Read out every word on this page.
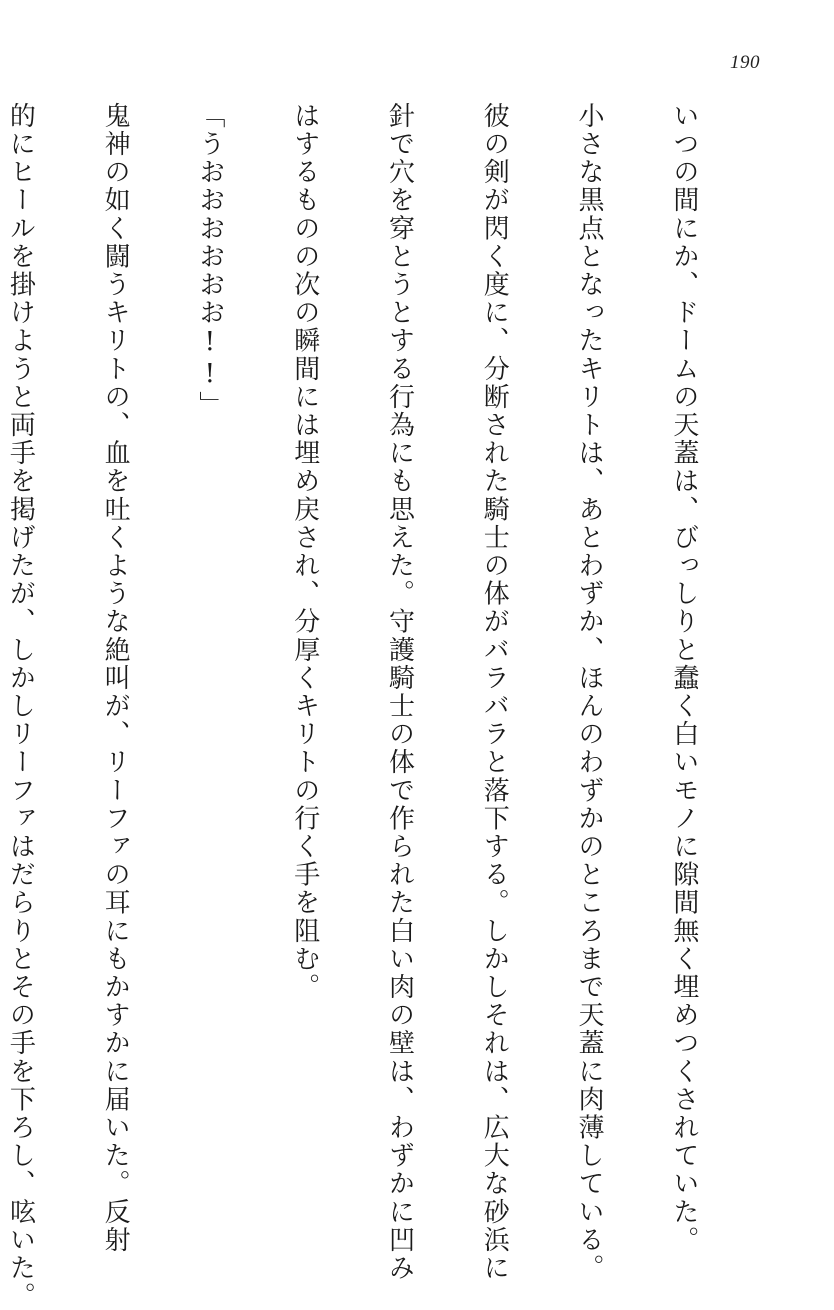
190

いつの間にか、ドームの天蓋は、びっしりと蠢く白いモノに隙間無く埋めつくされていた。

小さな黒点となったキリトは、あとわずか、ほんのわずかのところまで天蓋に肉薄している。

彼の剣が閃く度に、分断された騎士の体がバラバラと落下する。しかしそれは、広大な砂浜に

針で穴を穿とうとする行為にも思えた。守護騎士の体で作られた白い肉の壁は、わずかに凹み

はするものの次の瞬間には埋め戻され、分厚くキリトの行く手を阻む。

「うおおおおおお!!」

鬼神の如く闘うキリトの、血を吐くような絶叫が、リーファの耳にもかすかに届いた。反射

的にヒールを掛けようと両手を掲げたが、しかしリーファはだらりとその手を下ろし、呟いた。
